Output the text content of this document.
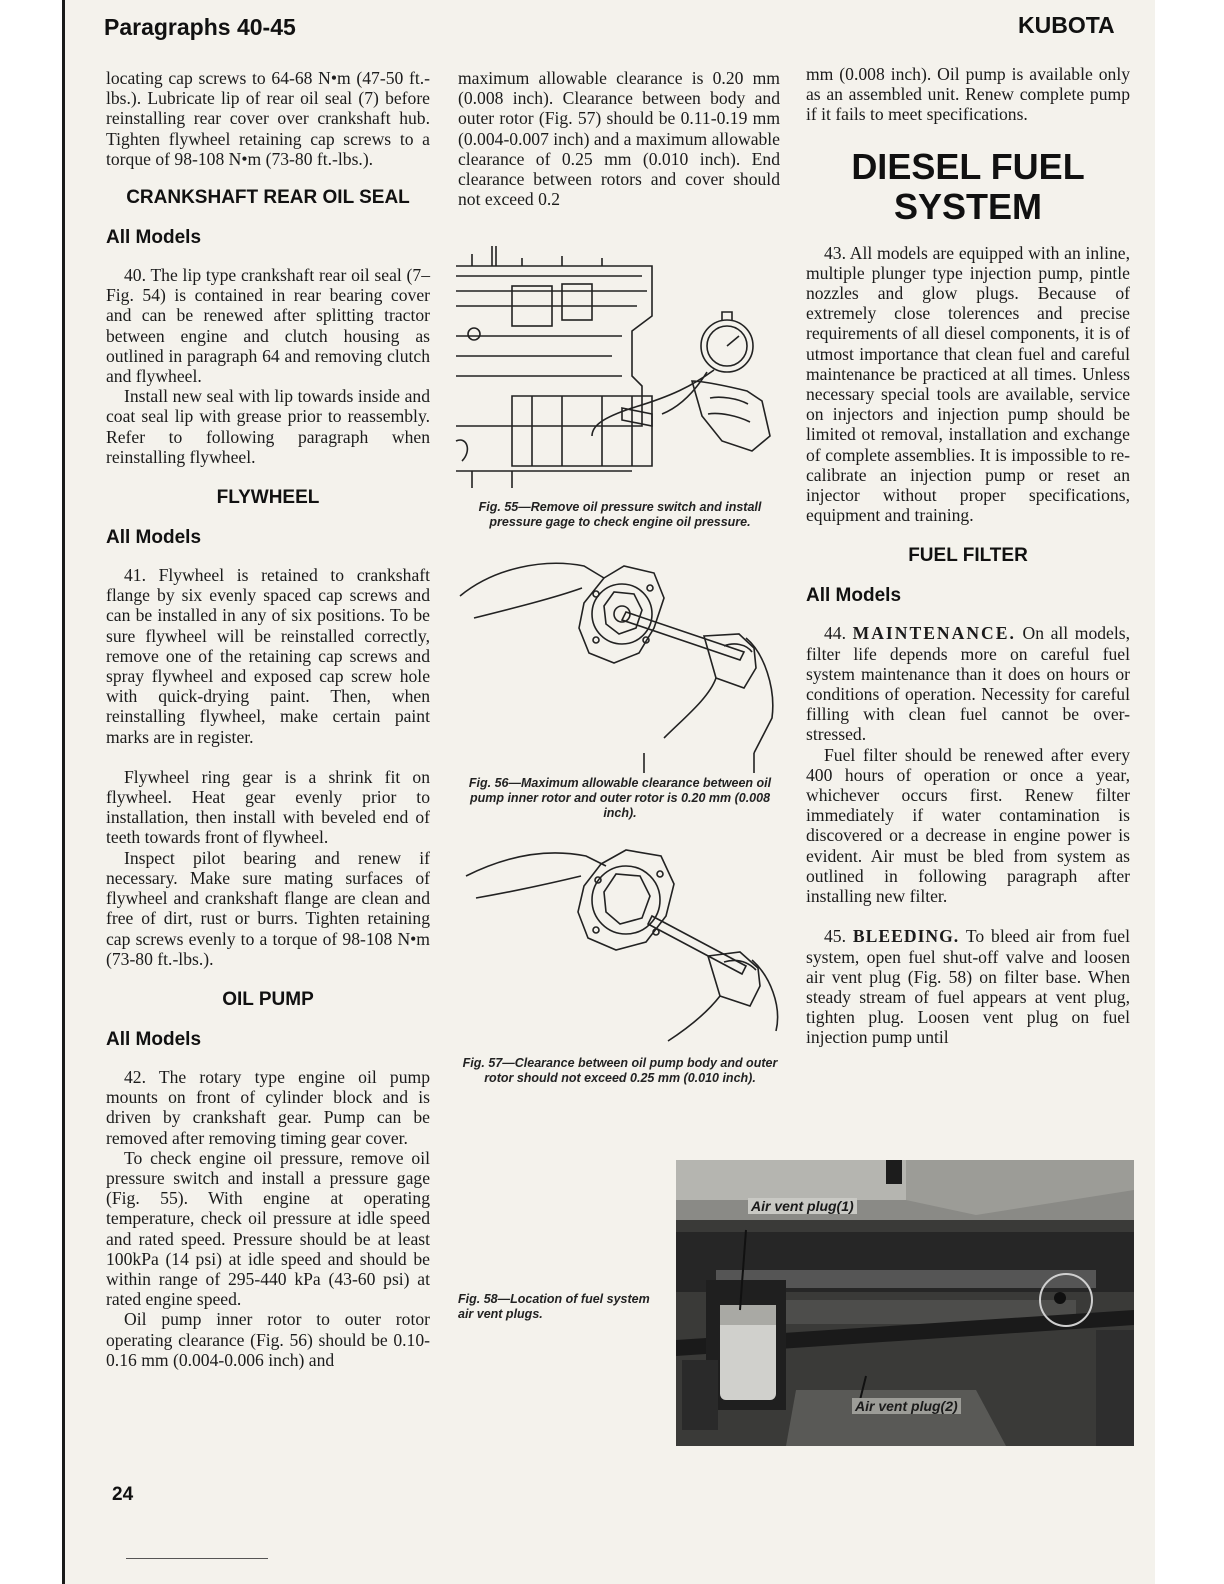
Paragraphs 40-45	KUBOTA

locating cap screws to 64-68 N•m (47-50 ft.-lbs.). Lubricate lip of rear oil seal (7) before reinstalling rear cover over crankshaft hub. Tighten flywheel retaining cap screws to a torque of 98-108 N•m (73-80 ft.-lbs.).

CRANKSHAFT REAR OIL SEAL
All Models

40. The lip type crankshaft rear oil seal (7–Fig. 54) is contained in rear bearing cover and can be renewed after splitting tractor between engine and clutch housing as outlined in paragraph 64 and removing clutch and flywheel.

Install new seal with lip towards inside and coat seal lip with grease prior to reassembly. Refer to following paragraph when reinstalling flywheel.

FLYWHEEL
All Models

41. Flywheel is retained to crankshaft flange by six evenly spaced cap screws and can be installed in any of six positions. To be sure flywheel will be reinstalled correctly, remove one of the retaining cap screws and spray flywheel and exposed cap screw hole with quick-drying paint. Then, when reinstalling flywheel, make certain paint marks are in register.

Flywheel ring gear is a shrink fit on flywheel. Heat gear evenly prior to installation, then install with beveled end of teeth towards front of flywheel.

Inspect pilot bearing and renew if necessary. Make sure mating surfaces of flywheel and crankshaft flange are clean and free of dirt, rust or burrs. Tighten retaining cap screws evenly to a torque of 98-108 N•m (73-80 ft.-lbs.).

OIL PUMP
All Models

42. The rotary type engine oil pump mounts on front of cylinder block and is driven by crankshaft gear. Pump can be removed after removing timing gear cover.

To check engine oil pressure, remove oil pressure switch and install a pressure gage (Fig. 55). With engine at operating temperature, check oil pressure at idle speed and rated speed. Pressure should be at least 100kPa (14 psi) at idle speed and should be within range of 295-440 kPa (43-60 psi) at rated engine speed.

Oil pump inner rotor to outer rotor operating clearance (Fig. 56) should be 0.10-0.16 mm (0.004-0.006 inch) and

maximum allowable clearance is 0.20 mm (0.008 inch). Clearance between body and outer rotor (Fig. 57) should be 0.11-0.19 mm (0.004-0.007 inch) and a maximum allowable clearance of 0.25 mm (0.010 inch). End clearance between rotors and cover should not exceed 0.2

Fig. 55—Remove oil pressure switch and install pressure gage to check engine oil pressure.
Fig. 56—Maximum allowable clearance between oil pump inner rotor and outer rotor is 0.20 mm (0.008 inch).
Fig. 57—Clearance between oil pump body and outer rotor should not exceed 0.25 mm (0.010 inch).

mm (0.008 inch). Oil pump is available only as an assembled unit. Renew complete pump if it fails to meet specifications.

DIESEL FUEL
SYSTEM

43. All models are equipped with an inline, multiple plunger type injection pump, pintle nozzles and glow plugs. Because of extremely close tolerences and precise requirements of all diesel components, it is of utmost importance that clean fuel and careful maintenance be practiced at all times. Unless necessary special tools are available, service on injectors and injection pump should be limited ot removal, installation and exchange of complete assemblies. It is impossible to re-calibrate an injection pump or reset an injector without proper specifications, equipment and training.

FUEL FILTER
All Models

44. MAINTENANCE. On all models, filter life depends more on careful fuel system maintenance than it does on hours or conditions of operation. Necessity for careful filling with clean fuel cannot be over-stressed.

Fuel filter should be renewed after every 400 hours of operation or once a year, whichever occurs first. Renew filter immediately if water contamination is discovered or a decrease in engine power is evident. Air must be bled from system as outlined in following paragraph after installing new filter.

45. BLEEDING. To bleed air from fuel system, open fuel shut-off valve and loosen air vent plug (Fig. 58) on filter base. When steady stream of fuel appears at vent plug, tighten plug. Loosen vent plug on fuel injection pump until

Fig. 58—Location of fuel system air vent plugs.
Air vent plug(1)
Air vent plug(2)
24
